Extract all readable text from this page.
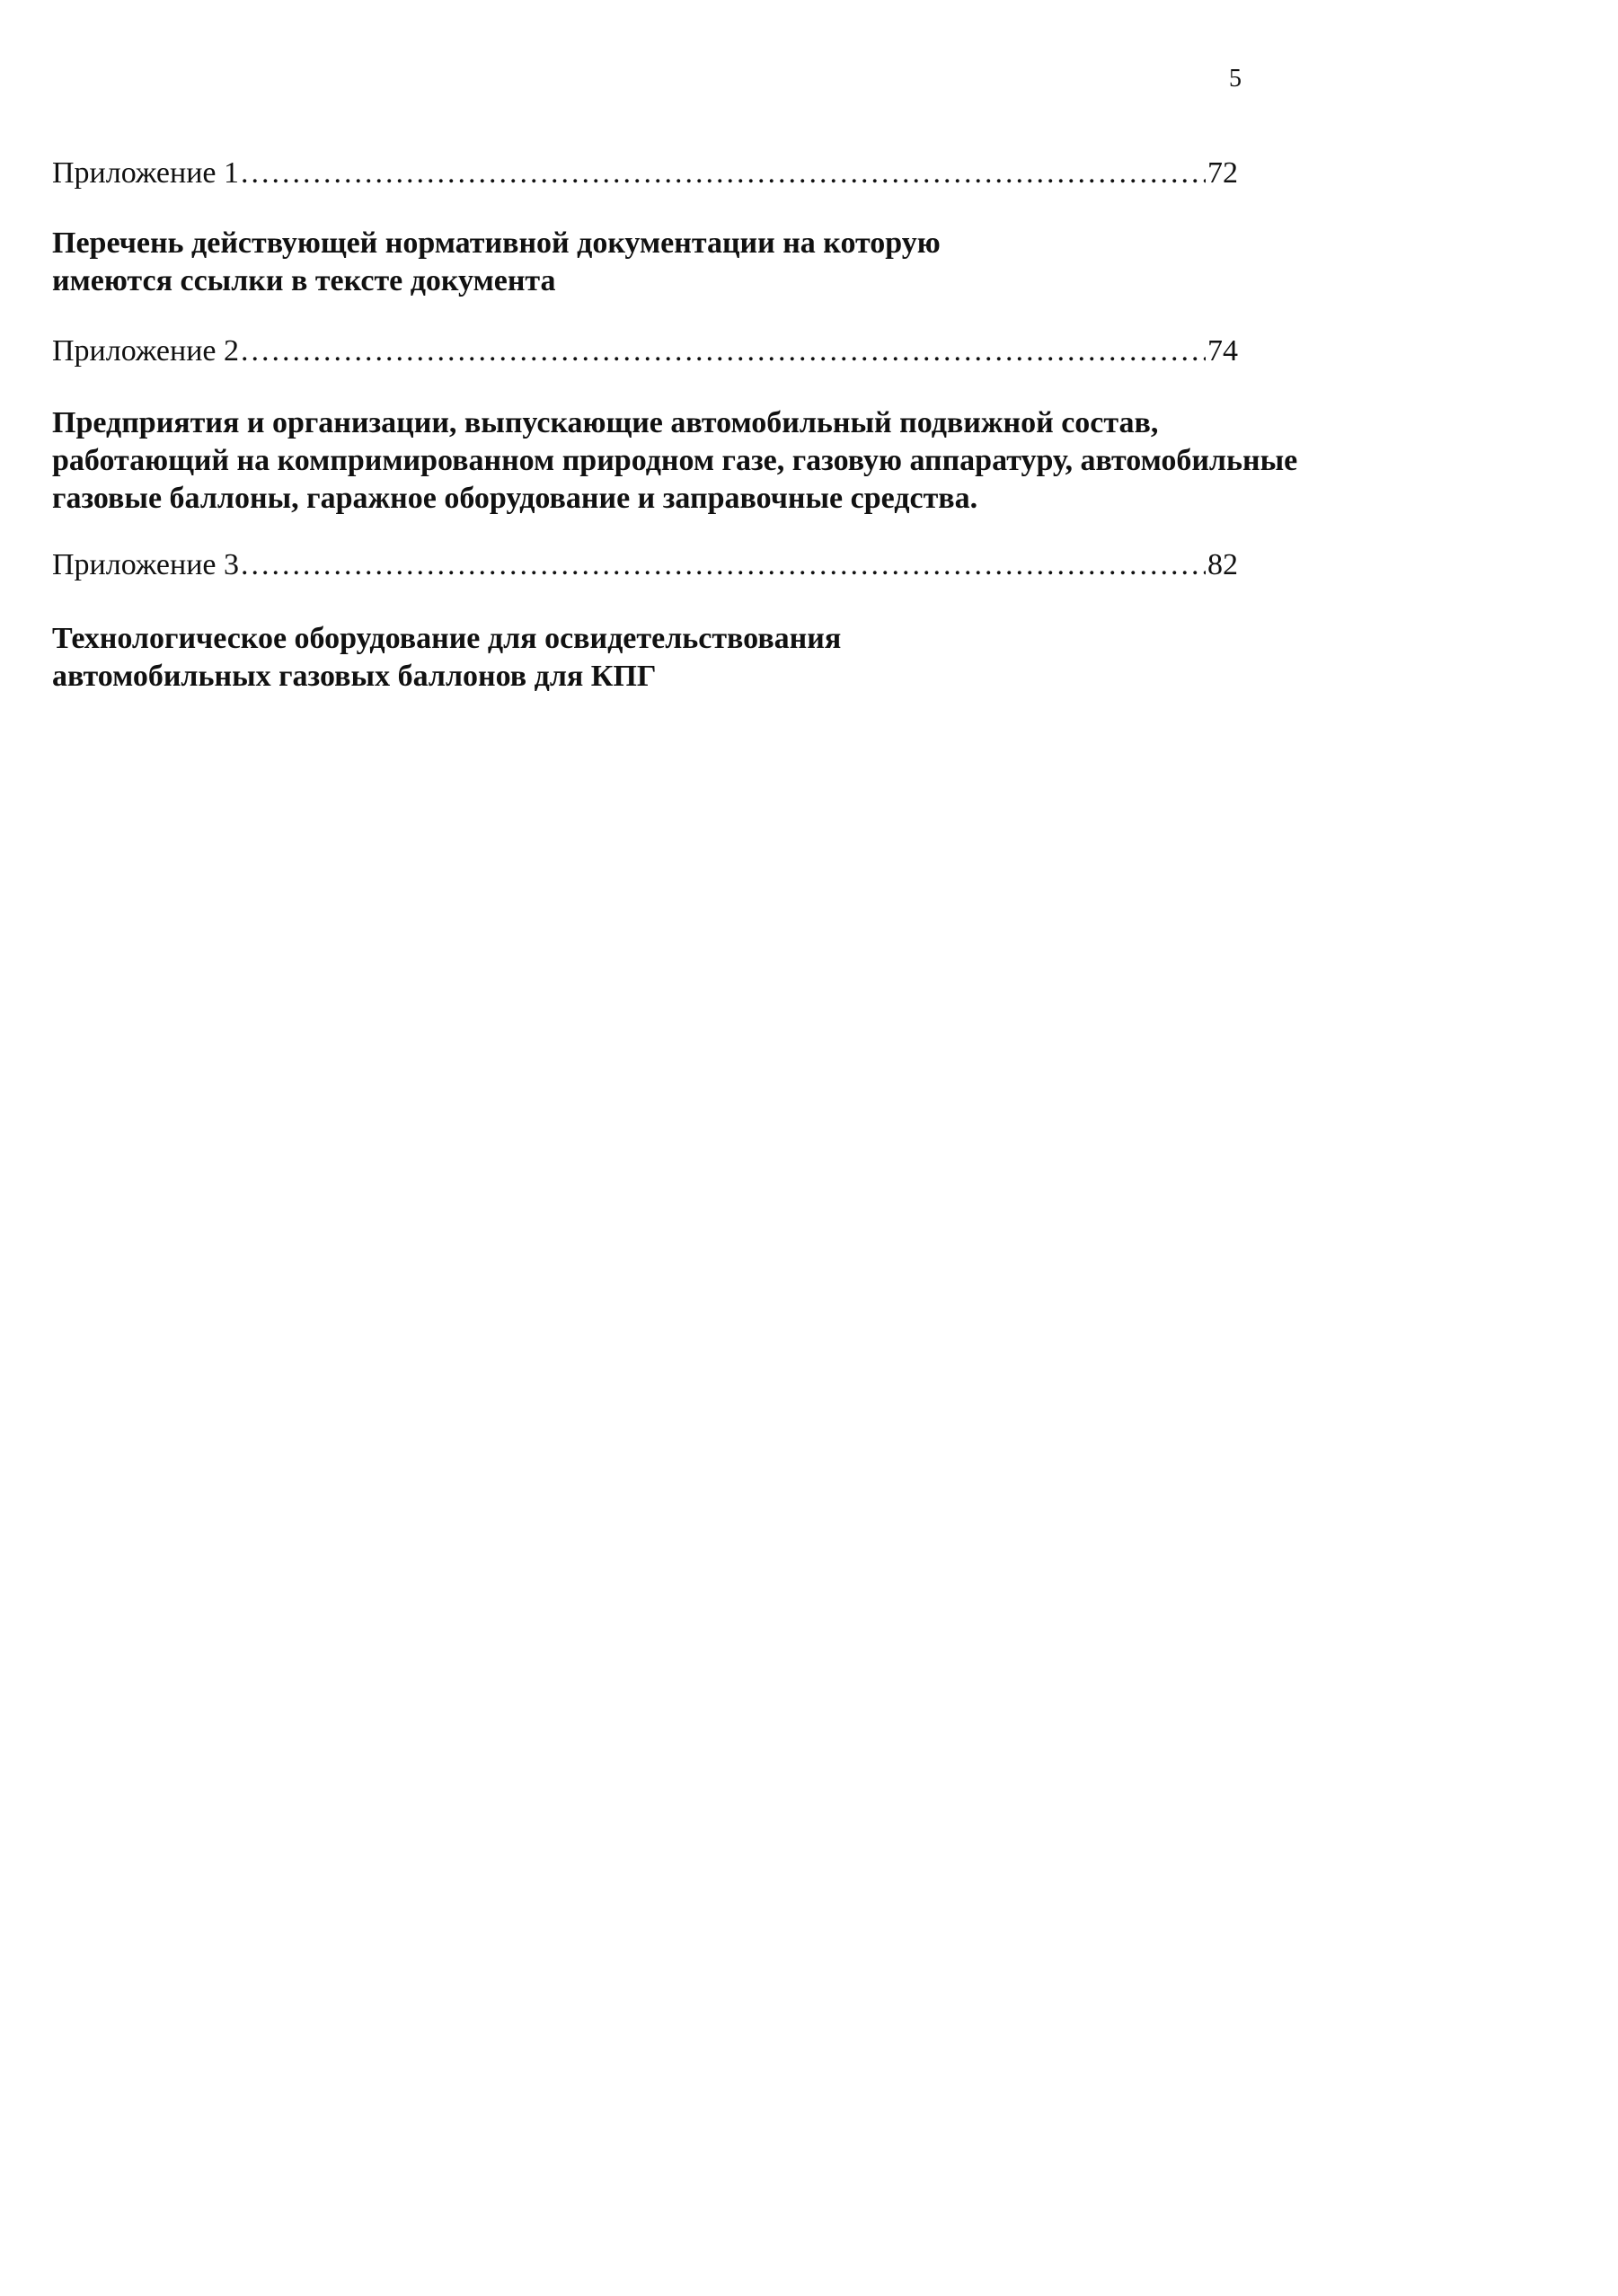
5
Приложение 1 .....	72
Перечень действующей нормативной документации на которую
имеются ссылки в тексте документа
Приложение 2 .....	74
Предприятия и организации, выпускающие автомобильный подвижной состав,
работающий на компримированном природном газе, газовую аппаратуру, автомобильные
газовые баллоны, гаражное оборудование и заправочные средства.
Приложение 3 .....	82
Технологическое оборудование для освидетельствования
автомобильных газовых баллонов для КПГ
